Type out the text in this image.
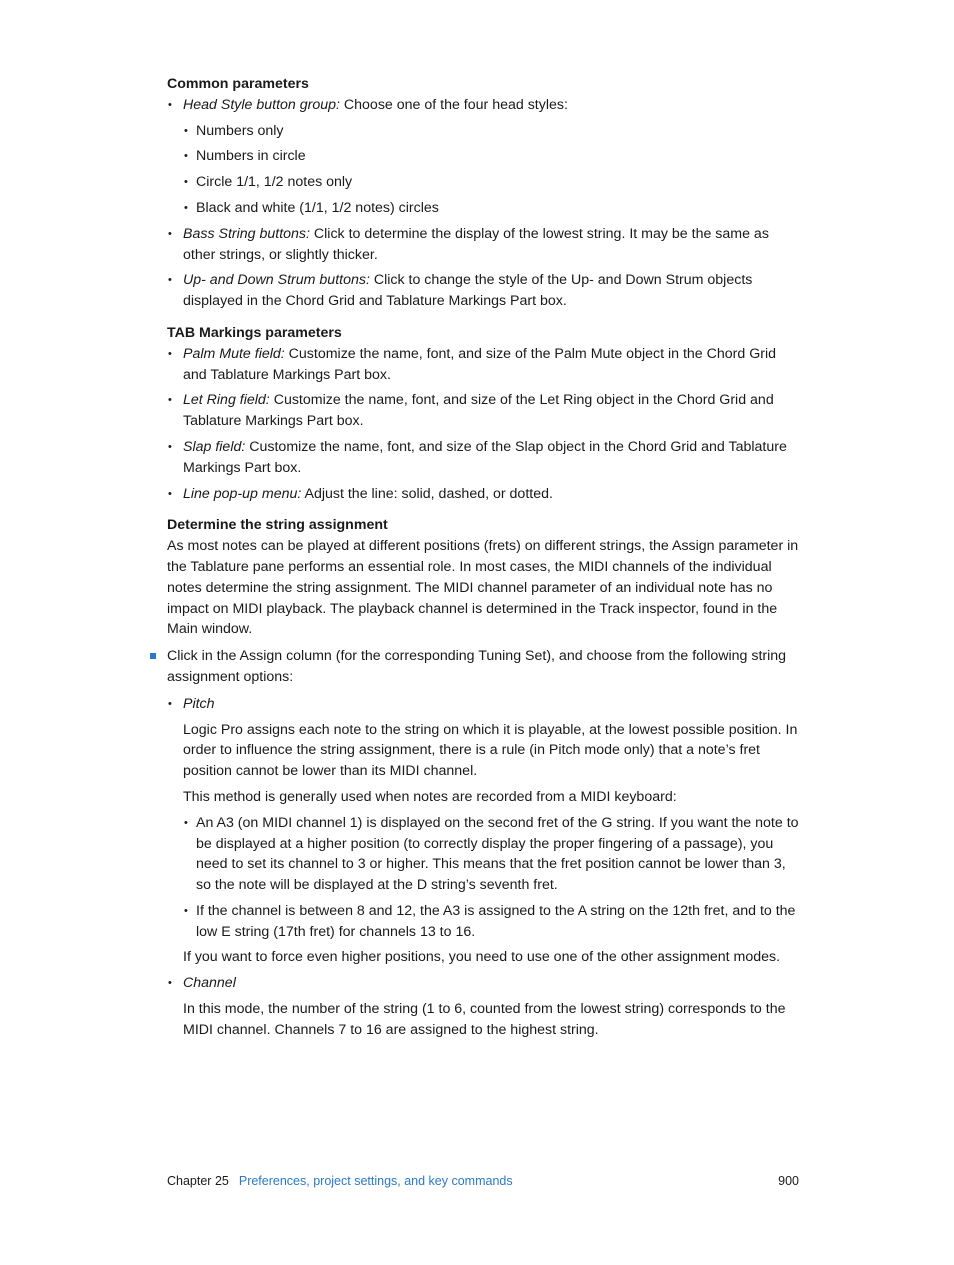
Common parameters
• Head Style button group: Choose one of the four head styles:
• Numbers only
• Numbers in circle
• Circle 1/1, 1/2 notes only
• Black and white (1/1, 1/2 notes) circles
• Bass String buttons: Click to determine the display of the lowest string. It may be the same as other strings, or slightly thicker.
• Up- and Down Strum buttons: Click to change the style of the Up- and Down Strum objects displayed in the Chord Grid and Tablature Markings Part box.
TAB Markings parameters
• Palm Mute field: Customize the name, font, and size of the Palm Mute object in the Chord Grid and Tablature Markings Part box.
• Let Ring field: Customize the name, font, and size of the Let Ring object in the Chord Grid and Tablature Markings Part box.
• Slap field: Customize the name, font, and size of the Slap object in the Chord Grid and Tablature Markings Part box.
• Line pop-up menu: Adjust the line: solid, dashed, or dotted.
Determine the string assignment

As most notes can be played at different positions (frets) on different strings, the Assign parameter in the Tablature pane performs an essential role. In most cases, the MIDI channels of the individual notes determine the string assignment. The MIDI channel parameter of an individual note has no impact on MIDI playback. The playback channel is determined in the Track inspector, found in the Main window.

Click in the Assign column (for the corresponding Tuning Set), and choose from the following string assignment options:
• Pitch

Logic Pro assigns each note to the string on which it is playable, at the lowest possible position. In order to influence the string assignment, there is a rule (in Pitch mode only) that a note’s fret position cannot be lower than its MIDI channel.

This method is generally used when notes are recorded from a MIDI keyboard:

• An A3 (on MIDI channel 1) is displayed on the second fret of the G string. If you want the note to be displayed at a higher position (to correctly display the proper fingering of a passage), you need to set its channel to 3 or higher. This means that the fret position cannot be lower than 3, so the note will be displayed at the D string’s seventh fret.
• If the channel is between 8 and 12, the A3 is assigned to the A string on the 12th fret, and to the low E string (17th fret) for channels 13 to 16.

If you want to force even higher positions, you need to use one of the other assignment modes.

• Channel

In this mode, the number of the string (1 to 6, counted from the lowest string) corresponds to the MIDI channel. Channels 7 to 16 are assigned to the highest string.

Chapter 25 Preferences, project settings, and key commands	900
